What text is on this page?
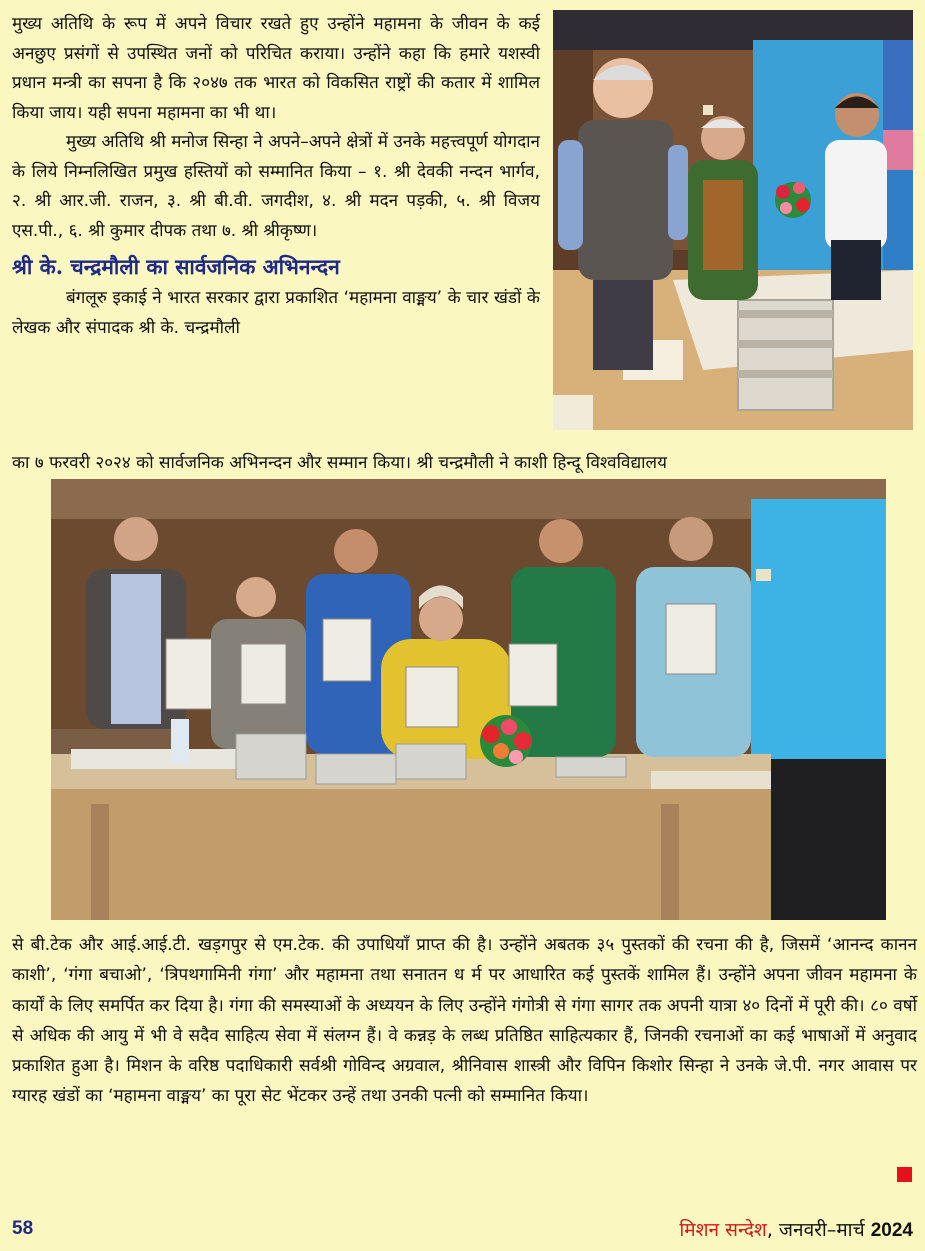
मुख्य अतिथि के रूप में अपने विचार रखते हुए उन्होंने महामना के जीवन के कई अनछुए प्रसंगों से उपस्थित जनों को परिचित कराया। उन्होंने कहा कि हमारे यशस्वी प्रधान मन्त्री का सपना है कि २०४७ तक भारत को विकसित राष्ट्रों की कतार में शामिल किया जाय। यही सपना महामना का भी था।

मुख्य अतिथि श्री मनोज सिन्हा ने अपने–अपने क्षेत्रों में उनके महत्त्वपूर्ण योगदान के लिये निम्नलिखित प्रमुख हस्तियों को सम्मानित किया – १. श्री देवकी नन्दन भार्गव, २. श्री आर.जी. राजन, ३. श्री बी.वी. जगदीश, ४. श्री मदन पड़की, ५. श्री विजय एस.पी., ६. श्री कुमार दीपक तथा ७. श्री श्रीकृष्ण।

श्री के. चन्द्रमौली का सार्वजनिक अभिनन्दन

बंगलूरु इकाई ने भारत सरकार द्वारा प्रकाशित ‘महामना वाङ्मय’ के चार खंडों के लेखक और संपादक श्री के. चन्द्रमौली

का ७ फरवरी २०२४ को सार्वजनिक अभिनन्दन और सम्मान किया। श्री चन्द्रमौली ने काशी हिन्दू विश्वविद्यालय
से बी.टेक और आई.आई.टी. खड़गपुर से एम.टेक. की उपाधियाँ प्राप्त की है। उन्होंने अबतक ३५ पुस्तकों की रचना की है, जिसमें ‘आनन्द कानन काशी’, ‘गंगा बचाओ’, ‘त्रिपथगामिनी गंगा’ और महामना तथा सनातन ध र्म पर आधारित कई पुस्तकें शामिल हैं। उन्होंने अपना जीवन महामना के कार्यों के लिए समर्पित कर दिया है। गंगा की समस्याओं के अध्ययन के लिए उन्होंने गंगोत्री से गंगा सागर तक अपनी यात्रा ४० दिनों में पूरी की। ८० वर्षो से अधिक की आयु में भी वे सदैव साहित्य सेवा में संलग्न हैं। वे कन्नड़ के लब्ध प्रतिष्ठित साहित्यकार हैं, जिनकी रचनाओं का कई भाषाओं में अनुवाद प्रकाशित हुआ है। मिशन के वरिष्ठ पदाधिकारी सर्वश्री गोविन्द अग्रवाल, श्रीनिवास शास्त्री और विपिन किशोर सिन्हा ने उनके जे.पी. नगर आवास पर ग्यारह खंडों का ‘महामना वाङ्मय’ का पूरा सेट भेंटकर उन्हें तथा उनकी पत्नी को सम्मानित किया।
58	मिशन सन्देश, जनवरी–मार्च 2024
